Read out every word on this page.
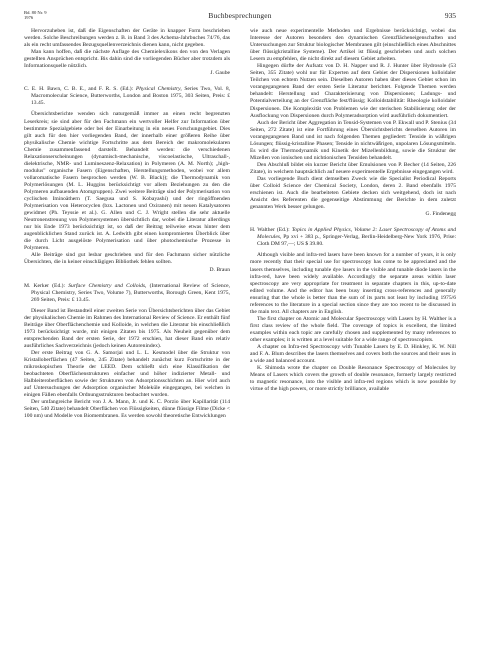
Bd. 80 Nr. 9
1976	Buchbesprechungen	935

Hervorzuheben ist, daß die Eigenschaften der Geräte in knapper Form beschrieben werden. Solche Beschreibungen werden z. B. in Band 3 des Achema-Jahrbuches 74/76, das als ein recht umfassendes Bezugsquellenverzeichnis dienen kann, nicht gegeben.

Man kann hoffen, daß die nächste Auflage des Chemielexikons den von den Verlagen gestellten Ansprüchen entspricht. Bis dahin sind die vorliegenden Bücher aber trotzdem als Informationsquelle nützlich.

J. Gaube

C. E. H. Bawn, C. B. E., and F. R. S. (Ed.): Physical Chemistry, Series Two, Vol. 8, Macromolecular Science, Butterworths, London and Boston 1975, 303 Seiten, Preis: £ 13.45.

Übersichtsberichte wenden sich naturgemäß immer an einen recht begrenzten Leserkreis; sie sind aber für den Fachmann ein wertvoller Helfer zur Information über bestimmte Spezialgebiete oder bei der Einarbeitung in ein neues Forschungsgebiet. Dies gilt auch für den hier vorliegenden Band, der innerhalb einer größeren Reihe über physikalische Chemie wichtige Fortschritte aus dem Bereich der makromolekularen Chemie zusammenfassend darstellt. Behandelt werden: die verschiedenen Relaxationserscheinungen (dynamisch-mechanische, viscoelastische, Ultraschall-, dielektrische, NMR- und Lumineszenz-Relaxation) in Polymeren (A. M. North); „high-modulus" organische Fasern (Eigenschaften, Herstellungsmethoden, wobei vor allem vollaromatische Fasern besprochen werden (W. B. Black)); die Thermodynamik von Polymerlösungen (M. L. Huggins berücksichtigt vor allem Beziehungen zu den die Polymeren aufbauenden Atomgruppen). Zwei weitere Beiträge sind der Polymerisation von cyclischen Iminoäthern (T. Saegusa und S. Kobayashi) und der ringöffnenden Polymerisation von Heterocyclen (bzs. Lactonen und Oxiranen) mit neuen Katalysatoren gewidmet (Ph. Teyssie et al.). G. Allen und C. J. Wright stellen die sehr aktuelle Neutronenstreuung von Polymersystemen übersichtlich dar, wobei die Literatur allerdings nur bis Ende 1973 berücksichtigt ist, so daß der Beitrag teilweise etwas hinter dem augenblicklichen Stand zurück ist. A. Ledwith gibt einen kompromierten Überblick über die durch Licht ausgelöste Polymerisation und über photochemische Prozesse in Polymeren.

Alle Beiträge sind gut lesbar geschrieben und für den Fachmann sicher nützliche Übersichten, die in keiner einschlägigen Bibliothek fehlen sollten.

D. Braun

M. Kerker (Ed.): Surface Chemistry and Colloids, (International Review of Science, Physical Chemistry, Series Two, Volume 7), Butterworths, Borough Green, Kent 1975, 269 Seiten, Preis: £ 13.45.

Dieser Band ist Bestandteil einer zweiten Serie von Übersichtsberichten über das Gebiet der physikalischen Chemie im Rahmen des International Review of Science. Er enthält fünf Beiträge über Oberflächenchemie und Kolloide, in welchen die Literatur bis einschließlich 1973 berücksichtigt wurde, mit einigen Zitaten bis 1975. Als Neuheit gegenüber dem entsprechenden Band der ersten Serie, der 1972 erschien, hat dieser Band ein relativ ausführliches Sachverzeichnis (jedoch keinen Autorenindex).

Der erste Beitrag von G. A. Samorjai und L. L. Kesmodel über die Struktur von Kristalloberflächen (47 Seiten, 245 Zitate) behandelt zunächst kurz Fortschritte in der mikroskopischen Theorie der LEED. Dem schließt sich eine Klassifikation der beobachteten Oberflächenstrukturen einfacher und höher indizierter Metall- und Halbleiteroberflächen sowie der Strukturen von Adsorptionsschichten an. Hier wird auch auf Untersuchungen der Adsorption organischer Moleküle eingegangen, bei welchen in einigen Fällen ebenfalls Ordnungsstrukturen beobachtet wurden.

Der umfangreiche Bericht von J. A. Mann, Jr. und K. C. Porzio über Kapillarität (114 Seiten, 540 Zitate) behandelt Oberflächen von Flüssigkeiten, dünne flüssige Filme (Dicke < 100 nm) und Modelle von Biomembranen. Es werden sowohl theoretische Entwicklungen

wie auch neue experimentelle Methoden und Ergebnisse berücksichtigt, wobei das Interesse der Autoren besonders den dynamischen Grenzflächeneigenschaften und Untersuchungen zur Struktur biologischer Membranen gilt (einschließlich eines Abschnittes über flüssigkristalline Systeme). Der Artikel ist flüssig geschrieben und auch solchen Lesern zu empfehlen, die nicht direkt auf diesem Gebiet arbeiten.

Hingegen dürfte der Aufsatz von D. H. Napper und R. J. Hunter über Hydrosole (53 Seiten, 355 Zitate) wohl nur für Experten auf dem Gebiet der Dispersionen kolloidaler Teilchen von echtem Nutzen sein. Dieselben Autoren haben über dieses Gebiet schon im vorangegangenen Band der ersten Serie Literatur berichtet. Folgende Themen werden behandelt: Herstellung und Charakterisierung von Dispersionen; Ladungs- und Potentialverteilung an der Grenzfläche fest/flüssig; Kolloidstabilität: Rheologie kolloidaler Dispersionen. Die Komplexität von Problemen wie der sterischen Stabilisierung oder der Ausflockung von Dispersionen durch Polymeradsorption wird ausführlich dokumentiert.

Auch der Bericht über Aggregation in Tensid-Systemen von P. Ekwall und P. Stenius (34 Seiten, 272 Zitate) ist eine Fortführung eines Übersichtsberichts derselben Autoren im vorangegangenen Band und ist nach folgenden Themen gegliedert: Tenside in wäßrigen Lösungen; flüssig-kristalline Phasen; Tenside in nichtwäßrigen, unpolaren Lösungsmitteln. Es wird die Thermodynamik und Kinetik der Mizellenbildung, sowie die Struktur der Mizellen von ionischen und nichtionischen Tensiden behandelt.

Den Abschluß bildet ein kurzer Bericht über Emulsionen von P. Becher (14 Seiten, 226 Zitate), in welchem hauptsächlich auf neuere experimentelle Ergebnisse eingegangen wird.

Das vorliegende Buch dient demselben Zweck wie die Specialist Periodical Reports über Colloid Science der Chemical Society, London, deren 2. Band ebenfalls 1975 erschienen ist. Auch die bearbeiteten Gebiete decken sich weitgehend, doch ist nach Ansicht des Referenten die gegenseitige Abstimmung der Berichte in dem zuletzt genannten Werk besser gelungen.

G. Findenegg

H. Walther (Ed.): Topics in Applied Physics, Volume 2: Laser Spectroscopy of Atoms and Molecules, Pp xvi + 383 p., Springer-Verlag, Berlin-Heidelberg-New York 1976, Prise: Cloth DM 97,—; US $ 39.80.

Although visible and infra-red lasers have been known for a number of years, it is only more recently that their special use for spectroscopy has come to be appreciated and the lasers themselves, including tunable dye lasers in the visible and tunable diode lasers in the infra-red, have been widely available. Accordingly the separate areas within laser spectroscopy are very appropriate for treatment in separate chapters in this, up-to-date edited volume. And the editor has been busy inserting cross-references and generally ensuring that the whole is better than the sum of its parts not least by including 1975/6 references to the literature in a special section since they are too recent to be discussed in the main text. All chapters are in English.

The first chapter on Atomic and Molecular Spectroscopy with Lasers by H. Walther is a first class review of the whole field. The coverage of topics is excellent, the limited examples within each topic are carefully chosen and supplemented by many references to other examples; it is written at a level suitable for a wide range of spectroscopists.

A chapter on Infra-red Spectroscopy with Tunable Lasers by E. D. Hinkley, K. W. Nill and F. A. Blum describes the lasers themselves and covers both the sources and their uses in a wide and balanced account.

K. Shimoda wrote the chapter on Double Resonance Spectroscopy of Molecules by Means of Lasers which covers the growth of double resonance, formerly largely restricted to magnetic resonance, into the visible and infra-red regions which is now possible by virtue of the high powers, or more strictly brilliance, available
